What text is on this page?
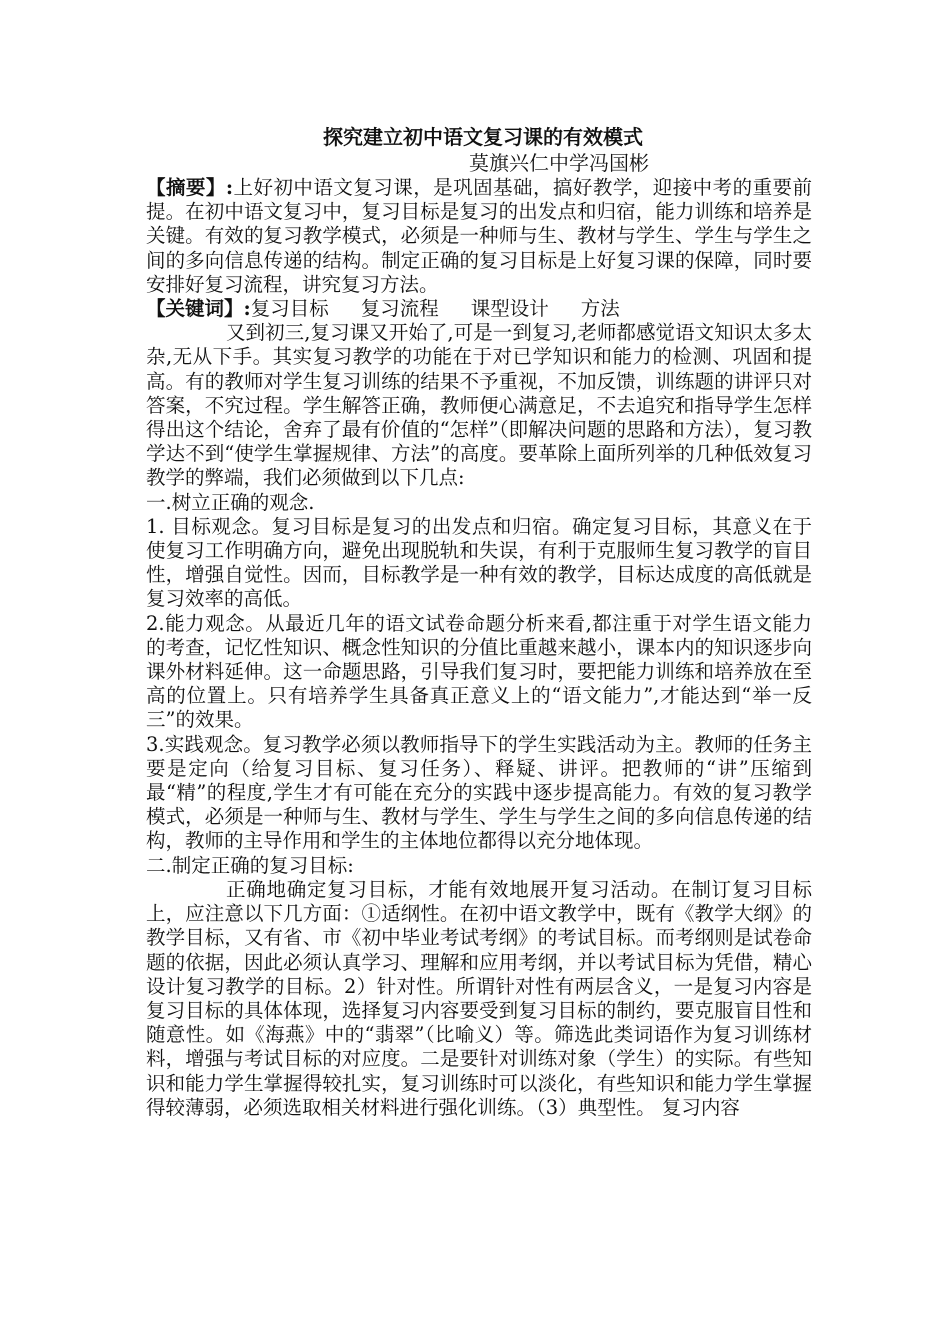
探究建立初中语文复习课的有效模式
莫旗兴仁中学冯国彬

【摘要】:上好初中语文复习课，是巩固基础，搞好教学，迎接中考的重要前提。在初中语文复习中，复习目标是复习的出发点和归宿，能力训练和培养是关键。有效的复习教学模式，必须是一种师与生、教材与学生、学生与学生之间的多向信息传递的结构。制定正确的复习目标是上好复习课的保障，同时要安排好复习流程，讲究复习方法。

【关键词】:复习目标 复习流程 课型设计 方法

又到初三,复习课又开始了,可是一到复习,老师都感觉语文知识太多太杂,无从下手。其实复习教学的功能在于对已学知识和能力的检测、巩固和提高。有的教师对学生复习训练的结果不予重视，不加反馈，训练题的讲评只对答案，不究过程。学生解答正确，教师便心满意足，不去追究和指导学生怎样得出这个结论，舍弃了最有价值的“怎样”（即解决问题的思路和方法），复习教学达不到“使学生掌握规律、方法”的高度。要革除上面所列举的几种低效复习教学的弊端，我们必须做到以下几点:

一.树立正确的观念.

1. 目标观念。复习目标是复习的出发点和归宿。确定复习目标，其意义在于使复习工作明确方向，避免出现脱轨和失误，有利于克服师生复习教学的盲目性，增强自觉性。因而，目标教学是一种有效的教学，目标达成度的高低就是复习效率的高低。

2.能力观念。从最近几年的语文试卷命题分析来看,都注重于对学生语文能力的考查，记忆性知识、概念性知识的分值比重越来越小，课本内的知识逐步向课外材料延伸。这一命题思路，引导我们复习时，要把能力训练和培养放在至高的位置上。只有培养学生具备真正意义上的“语文能力”,才能达到“举一反三”的效果。

3.实践观念。复习教学必须以教师指导下的学生实践活动为主。教师的任务主要是定向（给复习目标、复习任务）、释疑、讲评。把教师的“讲”压缩到最“精”的程度,学生才有可能在充分的实践中逐步提高能力。有效的复习教学模式，必须是一种师与生、教材与学生、学生与学生之间的多向信息传递的结构，教师的主导作用和学生的主体地位都得以充分地体现。

二.制定正确的复习目标:

正确地确定复习目标，才能有效地展开复习活动。在制订复习目标上，应注意以下几方面：①适纲性。在初中语文教学中，既有《教学大纲》的教学目标，又有省、市《初中毕业考试考纲》的考试目标。而考纲则是试卷命题的依据，因此必须认真学习、理解和应用考纲，并以考试目标为凭借，精心设计复习教学的目标。2）针对性。所谓针对性有两层含义，一是复习内容是复习目标的具体体现，选择复习内容要受到复习目标的制约，要克服盲目性和随意性。如《海燕》中的“翡翠”（比喻义）等。筛选此类词语作为复习训练材料，增强与考试目标的对应度。二是要针对训练对象（学生）的实际。有些知识和能力学生掌握得较扎实，复习训练时可以淡化，有些知识和能力学生掌握得较薄弱，必须选取相关材料进行强化训练。（3）典型性。 复习内容
